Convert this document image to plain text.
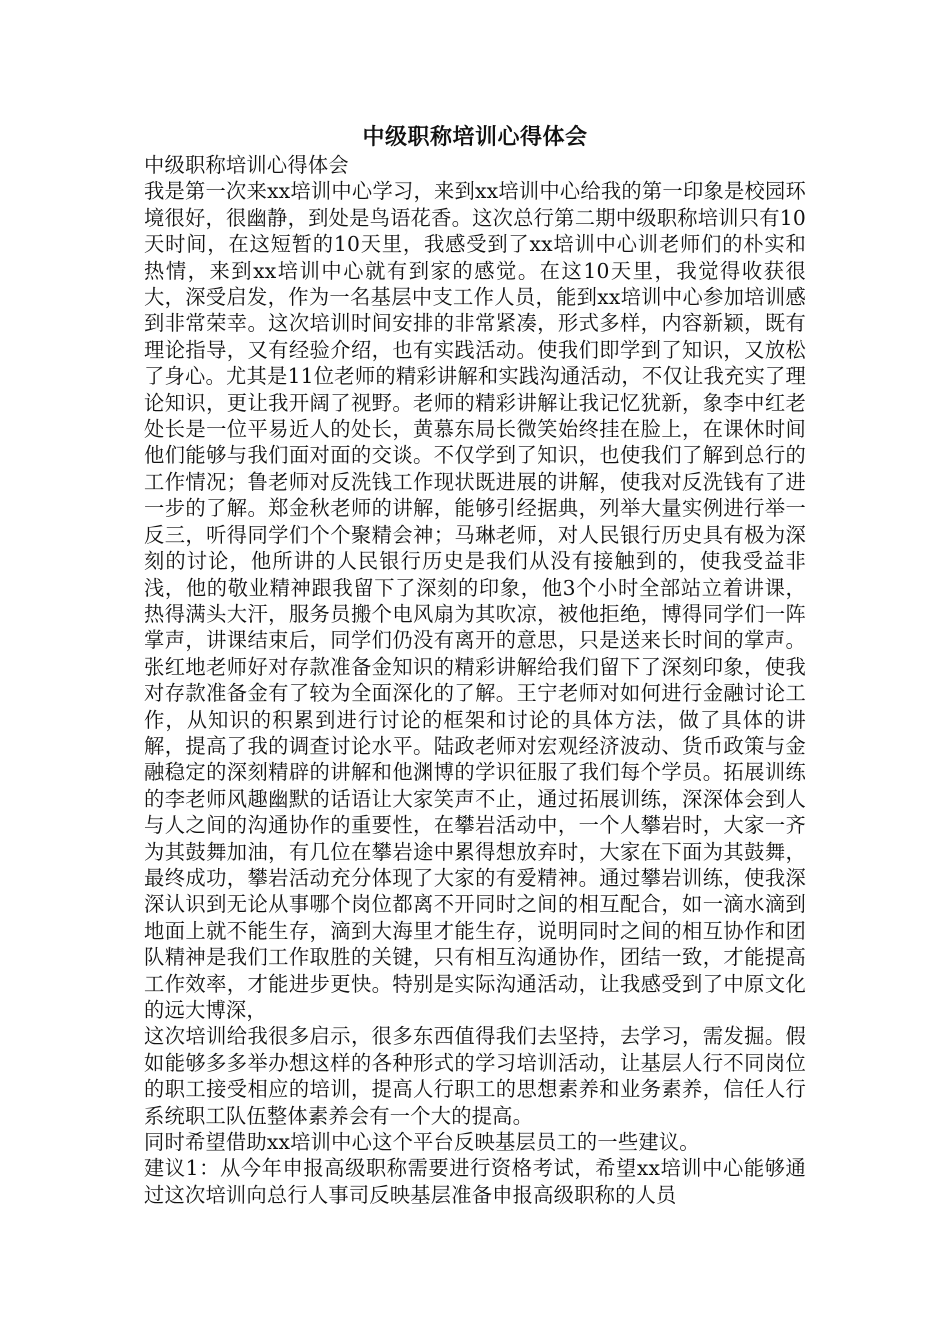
中级职称培训心得体会

中级职称培训心得体会

我是第一次来xx培训中心学习，来到xx培训中心给我的第一印象是校园环境很好，很幽静，到处是鸟语花香。这次总行第二期中级职称培训只有10天时间，在这短暂的10天里，我感受到了xx培训中心训老师们的朴实和热情，来到xx培训中心就有到家的感觉。在这10天里，我觉得收获很大，深受启发，作为一名基层中支工作人员，能到xx培训中心参加培训感到非常荣幸。这次培训时间安排的非常紧凑，形式多样，内容新颖，既有理论指导，又有经验介绍，也有实践活动。使我们即学到了知识，又放松了身心。尤其是11位老师的精彩讲解和实践沟通活动，不仅让我充实了理论知识，更让我开阔了视野。老师的精彩讲解让我记忆犹新，象李中红老处长是一位平易近人的处长，黄慕东局长微笑始终挂在脸上，在课休时间他们能够与我们面对面的交谈。不仅学到了知识，也使我们了解到总行的工作情况；鲁老师对反洗钱工作现状既进展的讲解，使我对反洗钱有了进一步的了解。郑金秋老师的讲解，能够引经据典，列举大量实例进行举一反三，听得同学们个个聚精会神；马琳老师，对人民银行历史具有极为深刻的讨论，他所讲的人民银行历史是我们从没有接触到的，使我受益非浅，他的敬业精神跟我留下了深刻的印象，他3个小时全部站立着讲课，热得满头大汗，服务员搬个电风扇为其吹凉，被他拒绝，博得同学们一阵掌声，讲课结束后，同学们仍没有离开的意思，只是送来长时间的掌声。张红地老师好对存款准备金知识的精彩讲解给我们留下了深刻印象，使我对存款准备金有了较为全面深化的了解。王宁老师对如何进行金融讨论工作，从知识的积累到进行讨论的框架和讨论的具体方法，做了具体的讲解，提高了我的调查讨论水平。陆政老师对宏观经济波动、货币政策与金融稳定的深刻精辟的讲解和他渊博的学识征服了我们每个学员。拓展训练的李老师风趣幽默的话语让大家笑声不止，通过拓展训练，深深体会到人与人之间的沟通协作的重要性，在攀岩活动中，一个人攀岩时，大家一齐为其鼓舞加油，有几位在攀岩途中累得想放弃时，大家在下面为其鼓舞，最终成功，攀岩活动充分体现了大家的有爱精神。通过攀岩训练，使我深深认识到无论从事哪个岗位都离不开同时之间的相互配合，如一滴水滴到地面上就不能生存，滴到大海里才能生存，说明同时之间的相互协作和团队精神是我们工作取胜的关键，只有相互沟通协作，团结一致，才能提高工作效率，才能进步更快。特别是实际沟通活动，让我感受到了中原文化的远大博深，

这次培训给我很多启示，很多东西值得我们去坚持，去学习，需发掘。假如能够多多举办想这样的各种形式的学习培训活动，让基层人行不同岗位的职工接受相应的培训，提高人行职工的思想素养和业务素养，信任人行系统职工队伍整体素养会有一个大的提高。

同时希望借助xx培训中心这个平台反映基层员工的一些建议。

建议1：从今年申报高级职称需要进行资格考试，希望xx培训中心能够通过这次培训向总行人事司反映基层准备申报高级职称的人员
